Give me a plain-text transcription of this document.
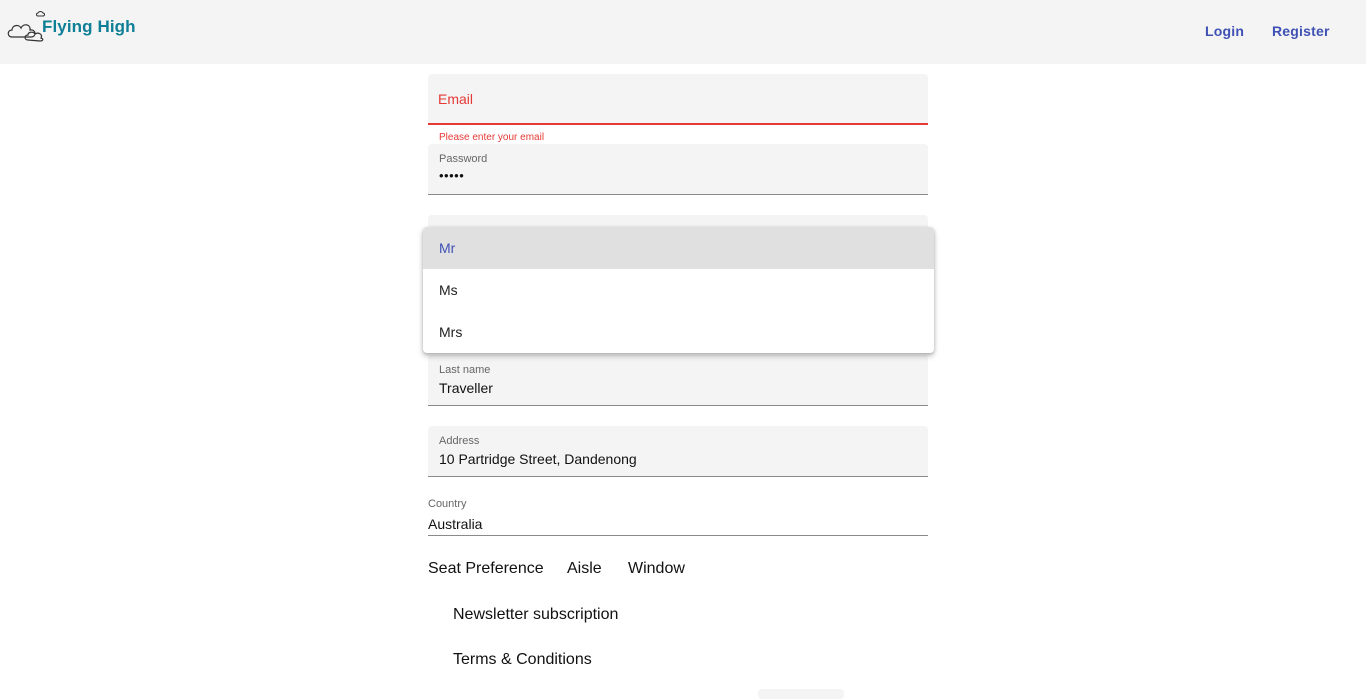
Flying High	Login Register
Email
Please enter your email
Password
•••••
Last name
Traveller
Address
10 Partridge Street, Dandenong
Country
Australia
Seat Preference Aisle Window
Newsletter subscription
Terms & Conditions
Mr
Ms
Mrs
